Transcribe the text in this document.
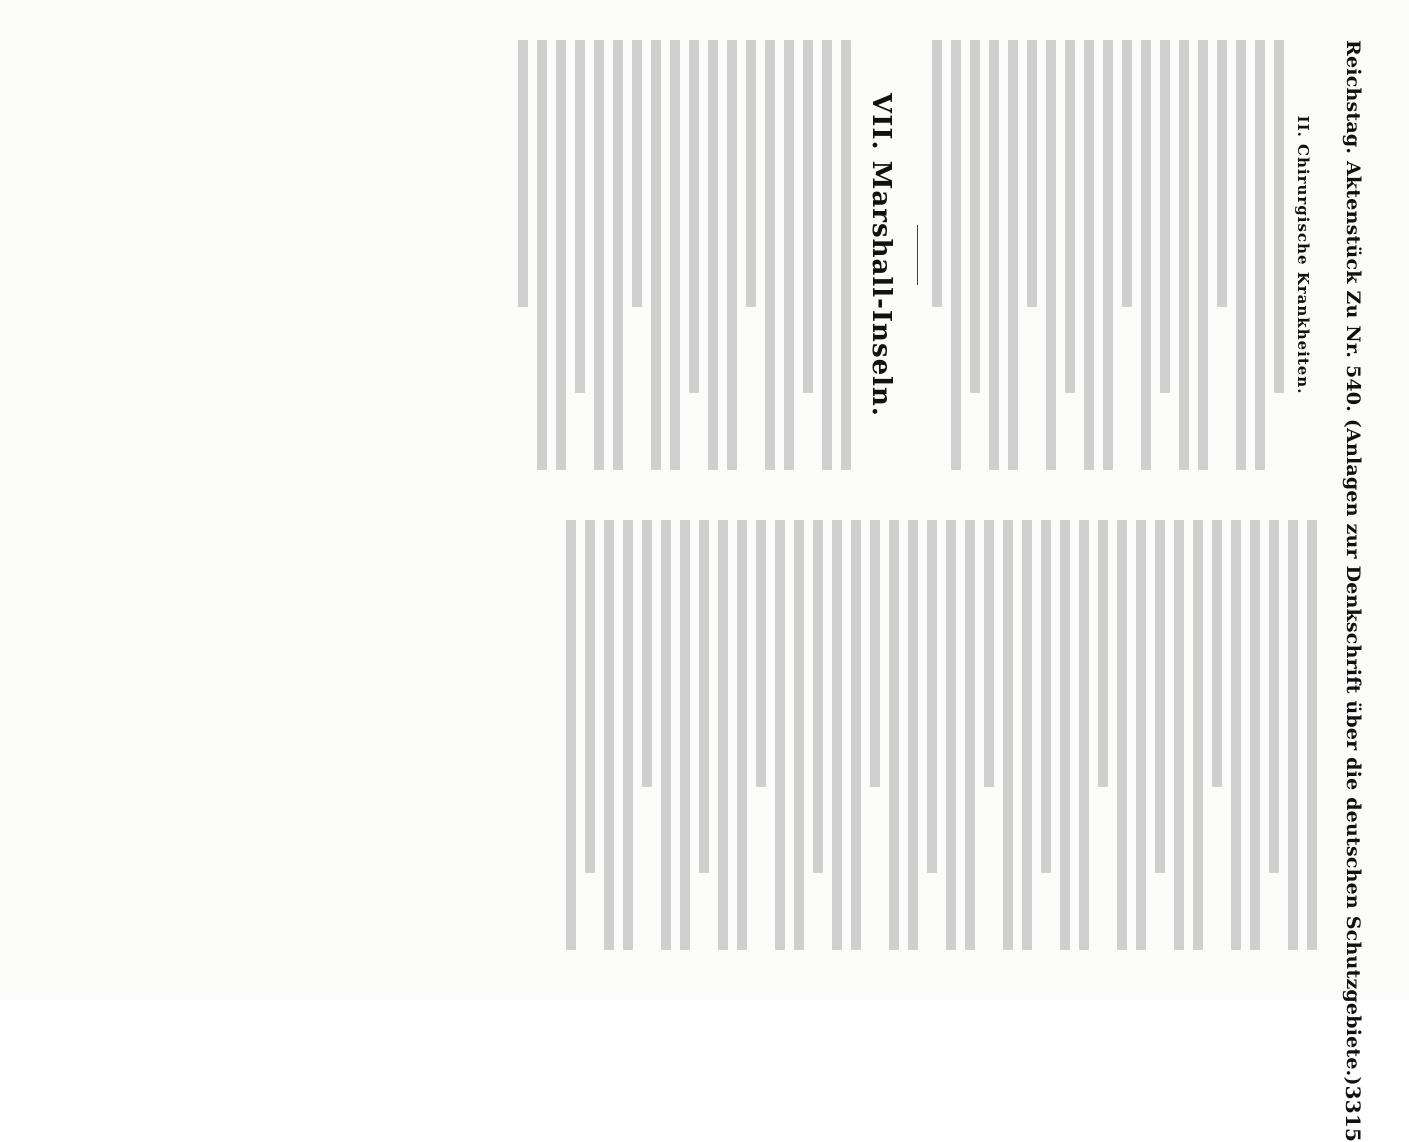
Reichstag. Aktenstück Zu Nr. 540. (Anlagen zur Denkschrift über die deutschen Schutzgebiete.)
3315
II. Chirurgische Krankheiten.
VII. Marshall-Inseln.
